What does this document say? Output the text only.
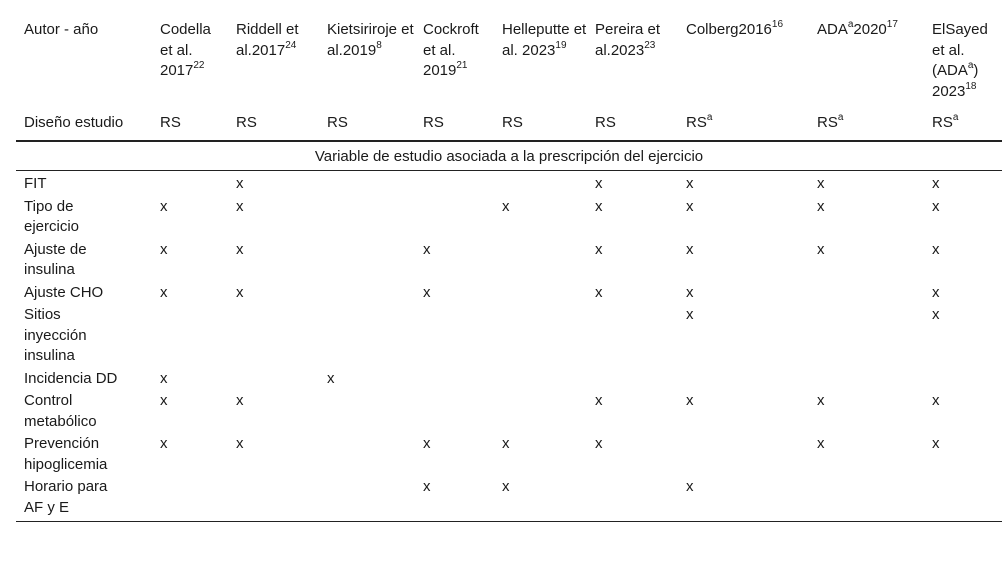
Autor - año	Codella et al. 2017$^{22}$	Riddell et al.2017$^{24}$	Kietsiriroje et al.2019$^8$	Cockroft et al. 2019$^{21}$	Helleputte et al. 2023$^{19}$	Pereira et al.2023$^{23}$	Colberg2016$^{16}$	ADA$^a$2020$^{17}$	ElSayed et al. (ADA$^a$) 2023$^{18}$
Diseño estudio	RS	RS	RS	RS	RS	RS	$RS^a$	$RS^a$	$RS^a$
Variable de estudio asociada a la prescripción del ejercicio									
FIT		x				x	x	x	x
Tipo de ejercicio	x	x			x	x	x	x	x
Ajuste de insulina	x	x		x		x	x	x	x
Ajuste CHO	x	x		x		x	x		x
Sitios inyección insulina							x		x
Incidencia DD	x		x						
Control metabólico	x	x				x	x	x	x
Prevención hipoglicemia	x	x		x	x	x		x	x
Horario para AF y E				x	x		x		
